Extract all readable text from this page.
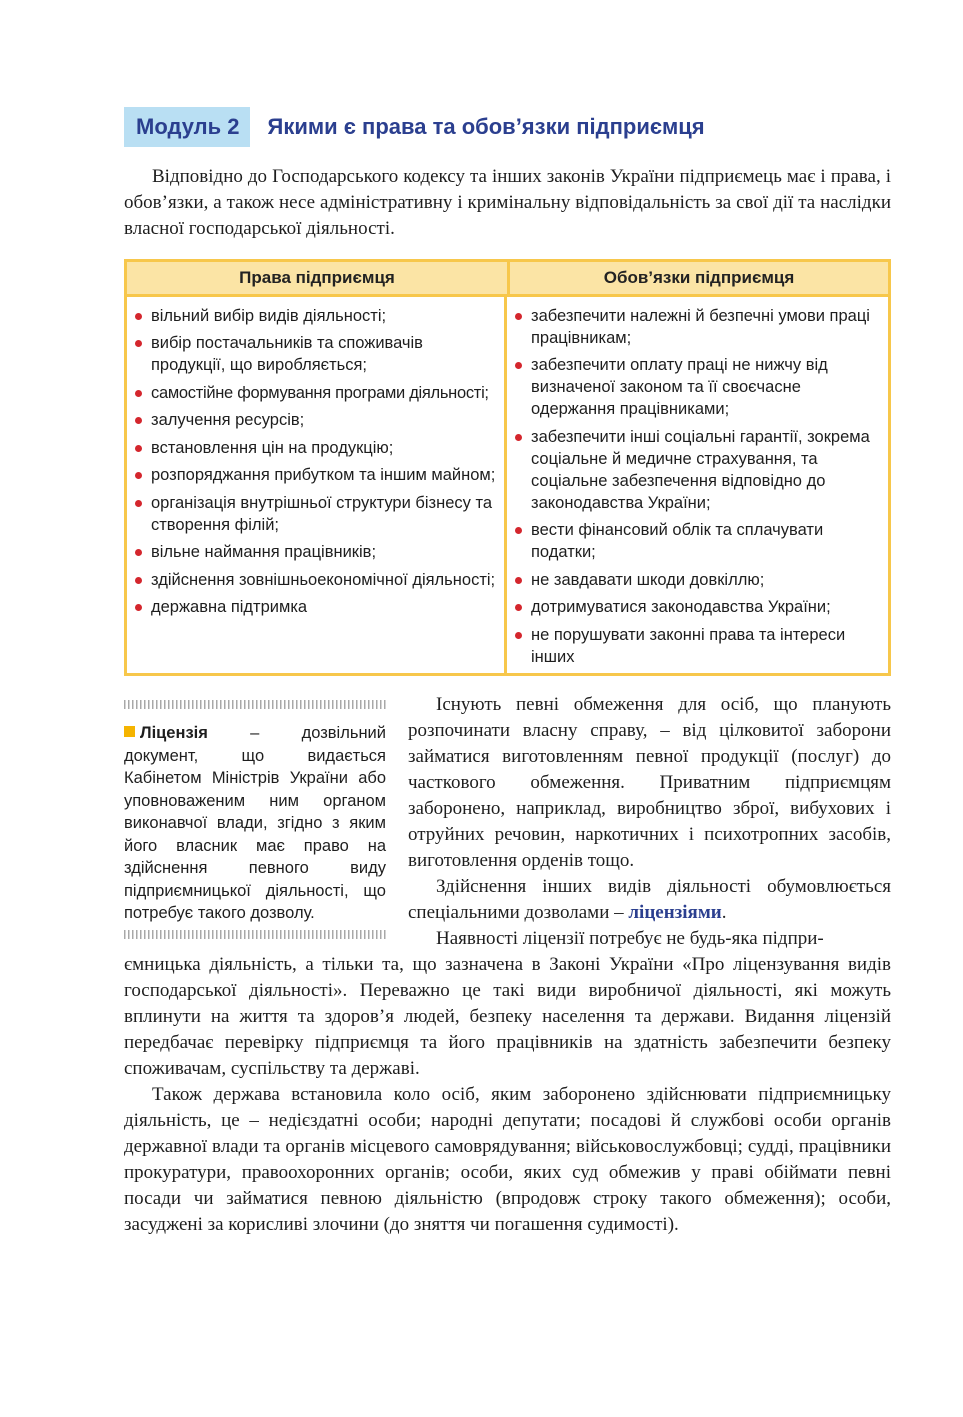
Модуль 2	Якими є права та обов’язки підприємця

Відповідно до Господарського кодексу та інших законів України підприємець має і права, і обов’язки, а також несе адміністративну і кримінальну відповідальність за свої дії та наслідки власної господарської діяльності.

Права підприємця	Обов’язки підприємця
вільний вибір видів діяльності;
вибір постачальників та споживачів продукції, що виробляється;
самостійне формування програми діяльності;
залучення ресурсів;
встановлення цін на продукцію;
розпоряджання прибутком та іншим майном;
організація внутрішньої структури бізнесу та створення філій;
вільне наймання працівників;
здійснення зовнішньоекономічної діяльності;
державна підтримка
забезпечити належні й безпечні умови праці працівникам;
забезпечити оплату праці не нижчу від визначеної законом та її своєчасне одержання працівниками;
забезпечити інші соціальні гарантії, зокрема соціальне й медичне страхування, та соціальне забезпечення відповідно до законодавства України;
вести фінансовий облік та сплачувати податки;
не завдавати шкоди довкіллю;
дотримуватися законодавства України;
не порушувати законні права та інтереси інших
Ліцензія – дозвільний документ, що видається Кабінетом Міністрів України або уповноваженим ним органом виконавчої влади, згідно з яким його власник має право на здійснення певного виду підприємницької діяльності, що потребує такого дозволу.

Існують певні обмеження для осіб, що планують розпочинати власну справу, – від цілковитої заборони займатися виготовленням певної продукції (послуг) до часткового обмеження. Приватним підприємцям заборонено, наприклад, виробництво зброї, вибухових і отруйних речовин, наркотичних і психотропних засобів, виготовлення орденів тощо.

Здійснення інших видів діяльності обумовлюється спеціальними дозволами – ліцензіями.

Наявності ліцензії потребує не будь-яка підпри-

ємницька діяльність, а тільки та, що зазначена в Законі України «Про ліцензування видів господарської діяльності». Переважно це такі види виробничої діяльності, які можуть вплинути на життя та здоров’я людей, безпеку населення та держави. Видання ліцензій передбачає перевірку підприємця та його працівників на здатність забезпечити безпеку споживачам, суспільству та державі.

Також держава встановила коло осіб, яким заборонено здійснювати підприємницьку діяльність, це – недієздатні особи; народні депутати; посадові й службові особи органів державної влади та органів місцевого самоврядування; військовослужбовці; судді, працівники прокуратури, правоохоронних органів; особи, яких суд обмежив у праві обіймати певні посади чи займатися певною діяльністю (впродовж строку такого обмеження); особи, засуджені за корисливі злочини (до зняття чи погашення судимості).
